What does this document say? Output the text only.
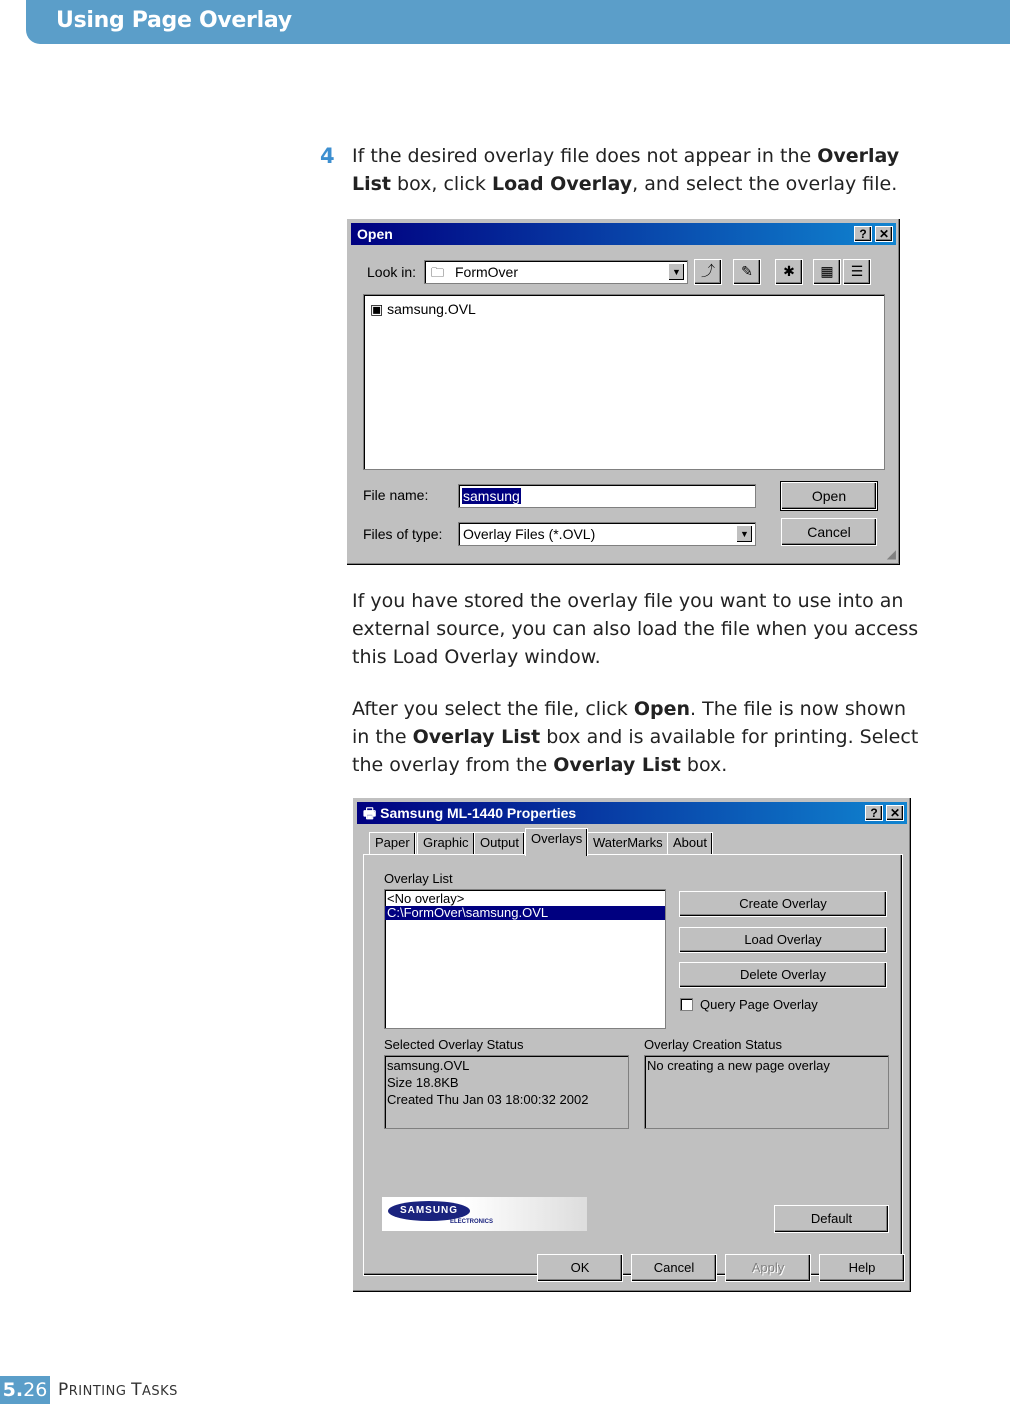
Using Page Overlay
4 If the desired overlay file does not appear in the Overlay List box, click Load Overlay, and select the overlay file.
Open	?	✕
Look in: 🗀 FormOver	▼	⤴	✎	✱	▦	☰
▣ samsung.OVL
File name: samsung
Files of type: Overlay Files (*.OVL)	▼
Open
Cancel
◢
If you have stored the overlay file you want to use into an external source, you can also load the file when you access this Load Overlay window.
After you select the file, click Open. The file is now shown in the Overlay List box and is available for printing. Select the overlay from the Overlay List box.
🖶 Samsung ML-1440 Properties	?	✕
Paper	Graphic Output Overlays WaterMarks About
Overlay List
<No overlay>
C:\FormOver\samsung.OVL
Create Overlay
Load Overlay
Delete Overlay
Query Page Overlay
Selected Overlay Status
samsung.OVL
Size 18.8KB
Created Thu Jan 03 18:00:32 2002
Overlay Creation Status
No creating a new page overlay
SAMSUNG
ELECTRONICS	Default
OK	Cancel	Apply	Help
5.26 PRINTING TASKS
